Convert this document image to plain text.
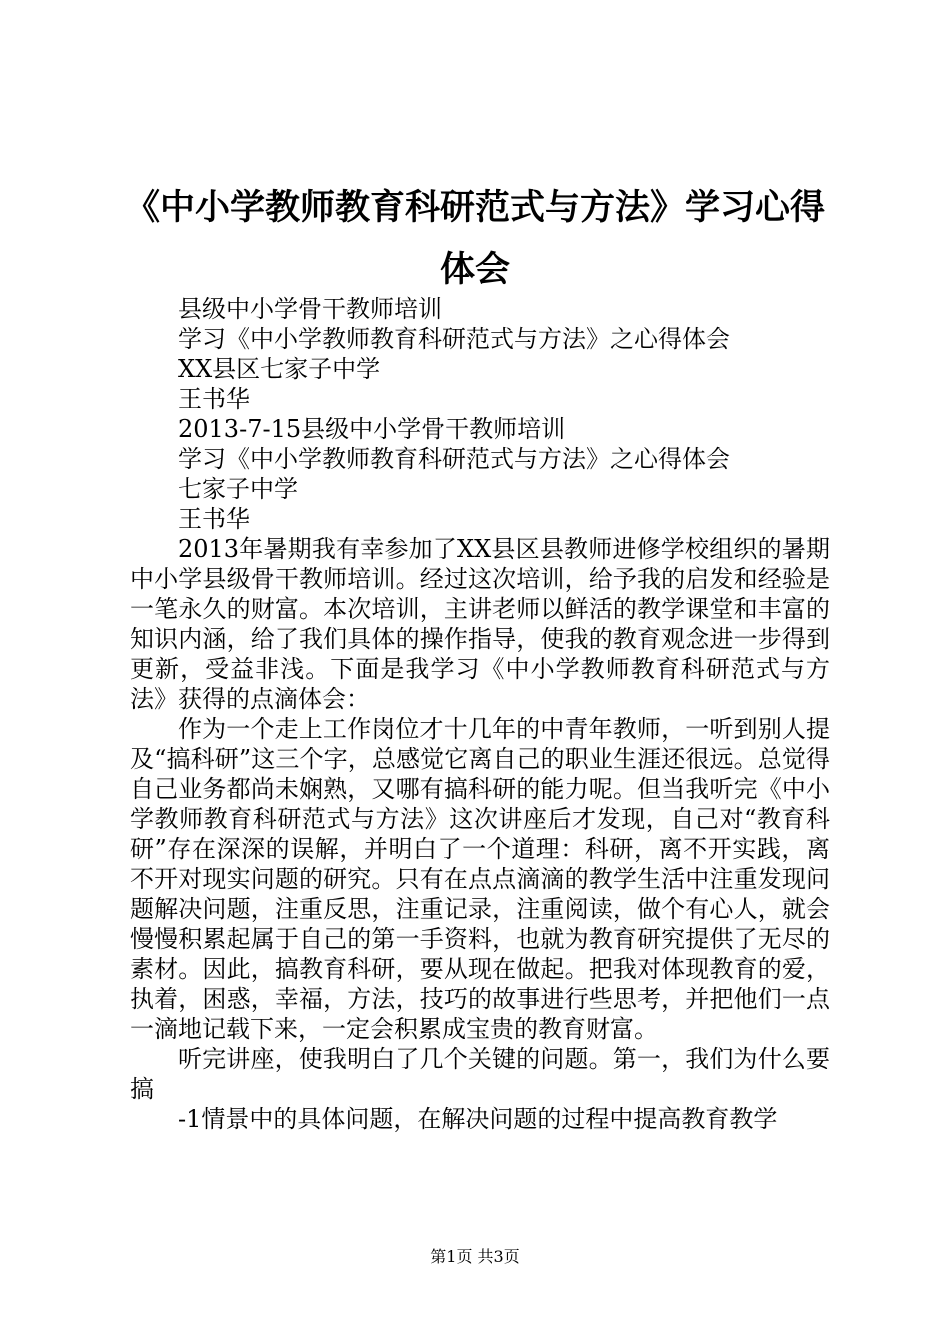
《中小学教师教育科研范式与方法》学习心得
体会
县级中小学骨干教师培训
学习《中小学教师教育科研范式与方法》之心得体会
XX县区七家子中学
王书华
2013-7-15县级中小学骨干教师培训
学习《中小学教师教育科研范式与方法》之心得体会
七家子中学
王书华

2013年暑期我有幸参加了XX县区县教师进修学校组织的暑期中小学县级骨干教师培训。经过这次培训，给予我的启发和经验是一笔永久的财富。本次培训，主讲老师以鲜活的教学课堂和丰富的知识内涵，给了我们具体的操作指导，使我的教育观念进一步得到更新，受益非浅。下面是我学习《中小学教师教育科研范式与方法》获得的点滴体会：

作为一个走上工作岗位才十几年的中青年教师，一听到别人提及“搞科研”这三个字，总感觉它离自己的职业生涯还很远。总觉得自己业务都尚未娴熟，又哪有搞科研的能力呢。但当我听完《中小学教师教育科研范式与方法》这次讲座后才发现，自己对“教育科研”存在深深的误解，并明白了一个道理：科研，离不开实践，离不开对现实问题的研究。只有在点点滴滴的教学生活中注重发现问题解决问题，注重反思，注重记录，注重阅读，做个有心人，就会慢慢积累起属于自己的第一手资料，也就为教育研究提供了无尽的素材。因此，搞教育科研，要从现在做起。把我对体现教育的爱，执着，困惑，幸福，方法，技巧的故事进行些思考，并把他们一点一滴地记载下来，一定会积累成宝贵的教育财富。

听完讲座，使我明白了几个关键的问题。第一，我们为什么要搞

-1情景中的具体问题，在解决问题的过程中提高教育教学

第1页 共3页
